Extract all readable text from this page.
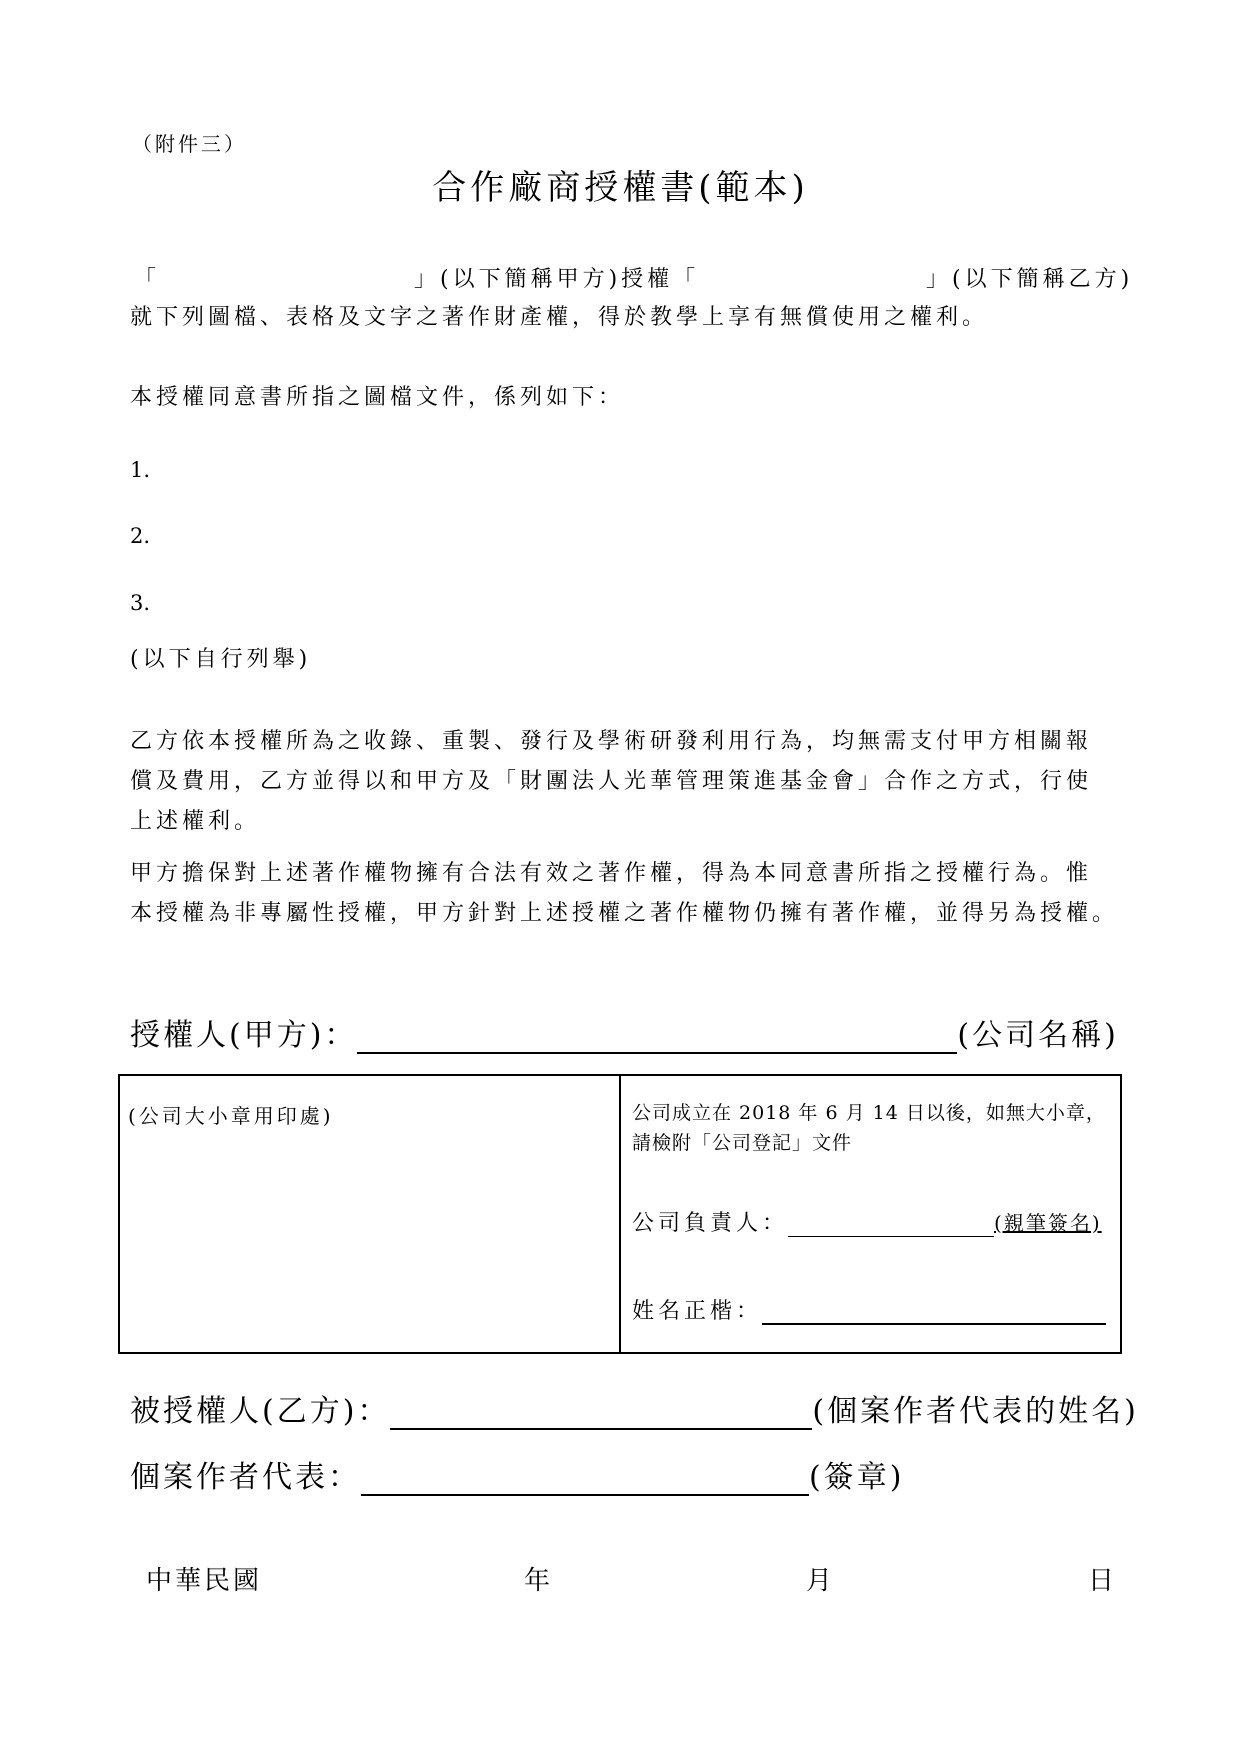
（附件三）
合作廠商授權書(範本)
「	」(以下簡稱甲方)授權「	」(以下簡稱乙方)
就下列圖檔、表格及文字之著作財產權，得於教學上享有無償使用之權利。
本授權同意書所指之圖檔文件，係列如下：
1.
2.
3.
(以下自行列舉)
乙方依本授權所為之收錄、重製、發行及學術研發利用行為，均無需支付甲方相關報
償及費用，乙方並得以和甲方及「財團法人光華管理策進基金會」合作之方式，行使
上述權利。
甲方擔保對上述著作權物擁有合法有效之著作權，得為本同意書所指之授權行為。惟
本授權為非專屬性授權，甲方針對上述授權之著作權物仍擁有著作權，並得另為授權。
授權人(甲方)：	(公司名稱)
(公司大小章用印處)	公司成立在 2018 年 6 月 14 日以後，如無大小章，
請檢附「公司登記」文件
公司負責人：	(親筆簽名)
姓名正楷：
被授權人(乙方)：	(個案作者代表的姓名)
個案作者代表：	(簽章)
中華民國	年	月	日
